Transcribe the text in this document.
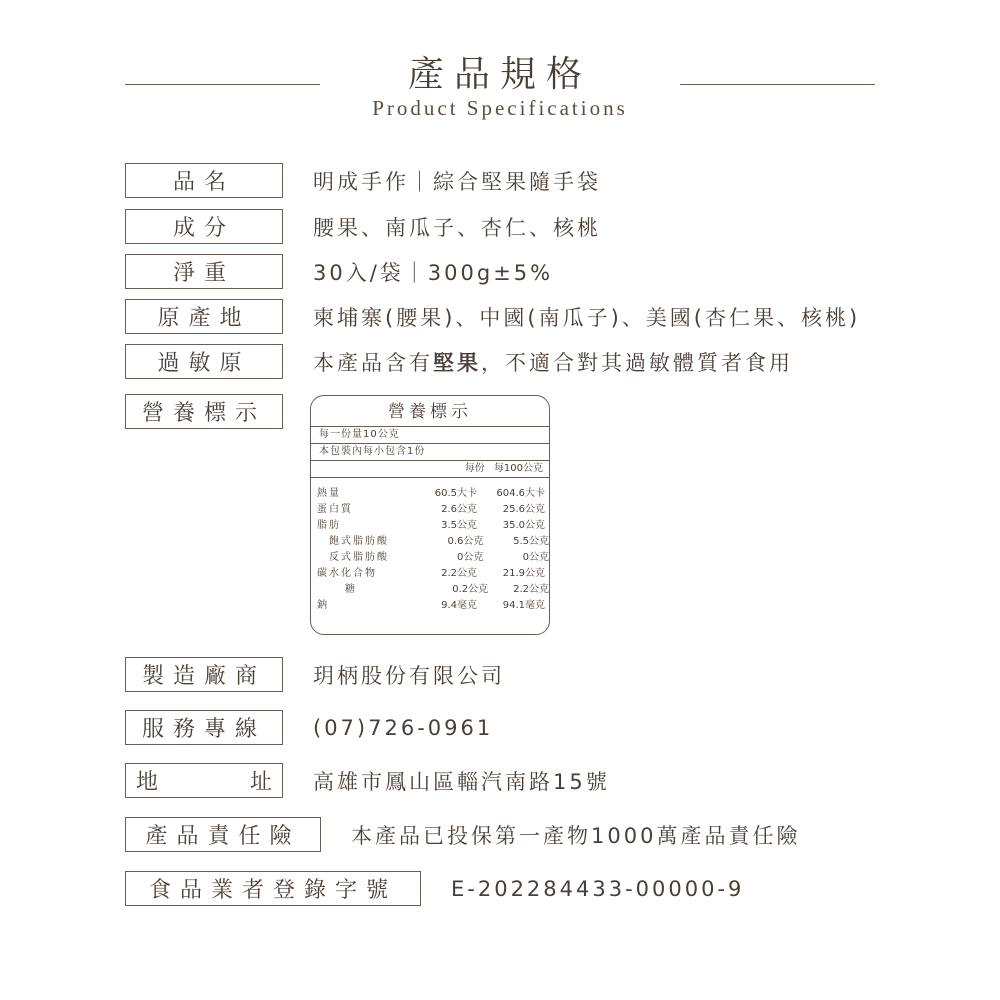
產品規格
Product Specifications
品名	明成手作｜綜合堅果隨手袋
成分	腰果、南瓜子、杏仁、核桃
淨重	30入/袋｜300g±5%
原產地	柬埔寨(腰果)、中國(南瓜子)、美國(杏仁果、核桃)
過敏原	本產品含有堅果，不適合對其過敏體質者食用
營養標示	營養標示
每一份量10公克
本包裝內每小包含1份
每份 每100公克
熱量	60.5大卡	604.6大卡
蛋白質	2.6公克	25.6公克
脂肪	3.5公克	35.0公克
飽式脂肪酸	0.6公克	5.5公克
反式脂肪酸	0公克	0公克
碳水化合物	2.2公克	21.9公克
糖	0.2公克	2.2公克
鈉	9.4毫克	94.1毫克
製造廠商	玥柄股份有限公司
服務專線	(07)726-0961
地	址 高雄市鳳山區輜汽南路15號
產品責任險	本產品已投保第一產物1000萬產品責任險
食品業者登錄字號	E-202284433-00000-9
